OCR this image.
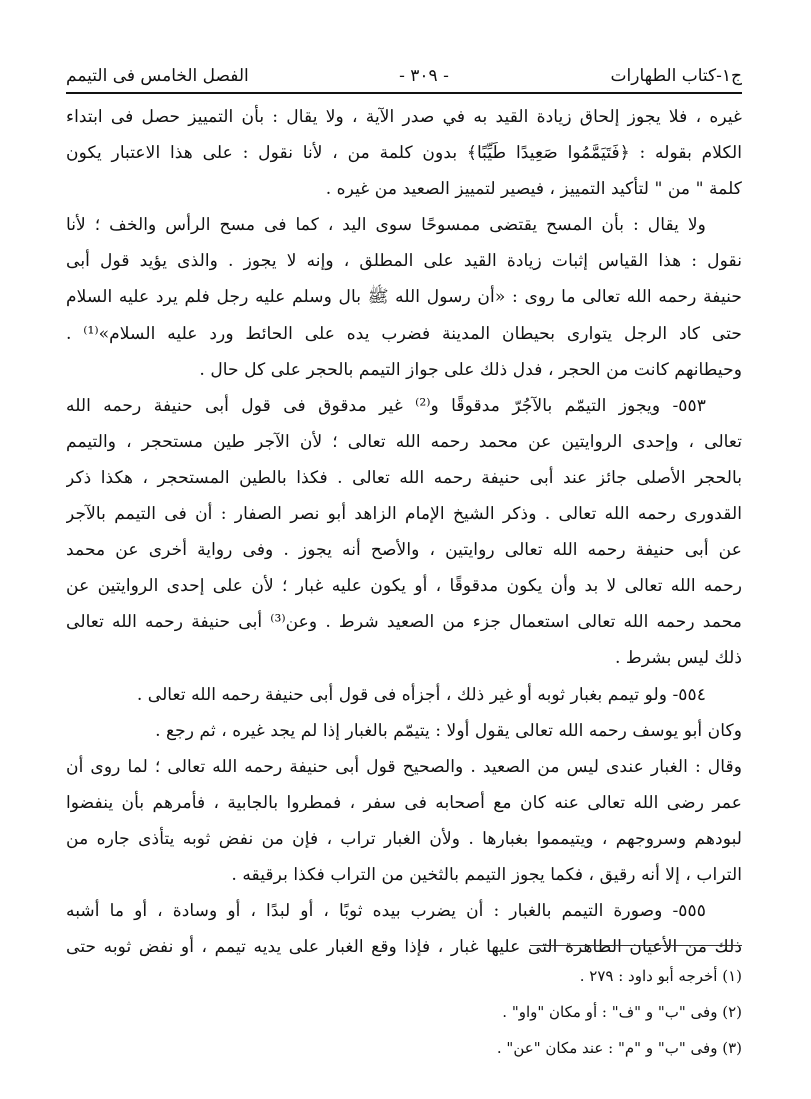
ج١-كتاب الطهارات
- ٣٠٩ -
الفصل الخامس فى التيمم
غيره ، فلا يجوز إلحاق زيادة القيد به في صدر الآية ، ولا يقال : بأن التمييز حصل فى ابتداء
الكلام بقوله : ﴿فَتَيَمَّمُوا صَعِيدًا طَيِّبًا﴾ بدون كلمة من ، لأنا نقول : على هذا الاعتبار يكون
كلمة " من " لتأكيد التمييز ، فيصير لتمييز الصعيد من غيره .
ولا يقال : بأن المسح يقتضى ممسوحًا سوى اليد ، كما فى مسح الرأس والخف ؛ لأنا
نقول : هذا القياس إثبات زيادة القيد على المطلق ، وإنه لا يجوز . والذى يؤيد قول أبى
حنيفة رحمه الله تعالى ما روى : «أن رسول الله ﷺ بال وسلم عليه رجل فلم يرد عليه السلام
حتى كاد الرجل يتوارى بحيطان المدينة فضرب يده على الحائط ورد عليه السلام»⁽¹⁾ .
وحيطانهم كانت من الحجر ، فدل ذلك على جواز التيمم بالحجر على كل حال .
٥٥٣- ويجوز التيمّم بالآجُرّ مدقوقًا و⁽²⁾ غير مدقوق فى قول أبى حنيفة رحمه الله
تعالى ، وإحدى الروايتين عن محمد رحمه الله تعالى ؛ لأن الآجر طين مستحجر ، والتيمم
بالحجر الأصلى جائز عند أبى حنيفة رحمه الله تعالى . فكذا بالطين المستحجر ، هكذا ذكر
القدورى رحمه الله تعالى . وذكر الشيخ الإمام الزاهد أبو نصر الصفار : أن فى التيمم بالآجر
عن أبى حنيفة رحمه الله تعالى روايتين ، والأصح أنه يجوز . وفى رواية أخرى عن محمد
رحمه الله تعالى لا بد وأن يكون مدقوقًا ، أو يكون عليه غبار ؛ لأن على إحدى الروايتين عن
محمد رحمه الله تعالى استعمال جزء من الصعيد شرط . وعن⁽³⁾ أبى حنيفة رحمه الله تعالى
ذلك ليس بشرط .
٥٥٤- ولو تيمم بغبار ثوبه أو غير ذلك ، أجزأه فى قول أبى حنيفة رحمه الله تعالى .
وكان أبو يوسف رحمه الله تعالى يقول أولا : يتيمّم بالغبار إذا لم يجد غيره ، ثم رجع .
وقال : الغبار عندى ليس من الصعيد . والصحيح قول أبى حنيفة رحمه الله تعالى ؛ لما روى أن
عمر رضى الله تعالى عنه كان مع أصحابه فى سفر ، فمطروا بالجابية ، فأمرهم بأن ينفضوا
لبودهم وسروجهم ، ويتيمموا بغبارها . ولأن الغبار تراب ، فإن من نفض ثوبه يتأذى جاره من
التراب ، إلا أنه رقيق ، فكما يجوز التيمم بالثخين من التراب فكذا برقيقه .
٥٥٥- وصورة التيمم بالغبار : أن يضرب بيده ثوبًا ، أو لبدًا ، أو وسادة ، أو ما أشبه
ذلك من الأعيان الطاهرة التى عليها غبار ، فإذا وقع الغبار على يديه تيمم ، أو نفض ثوبه حتى
(١) أخرجه أبو داود : ٢٧٩ .
(٢) وفى "ب" و "ف" : أو مكان "واو" .
(٣) وفى "ب" و "م" : عند مكان "عن" .
